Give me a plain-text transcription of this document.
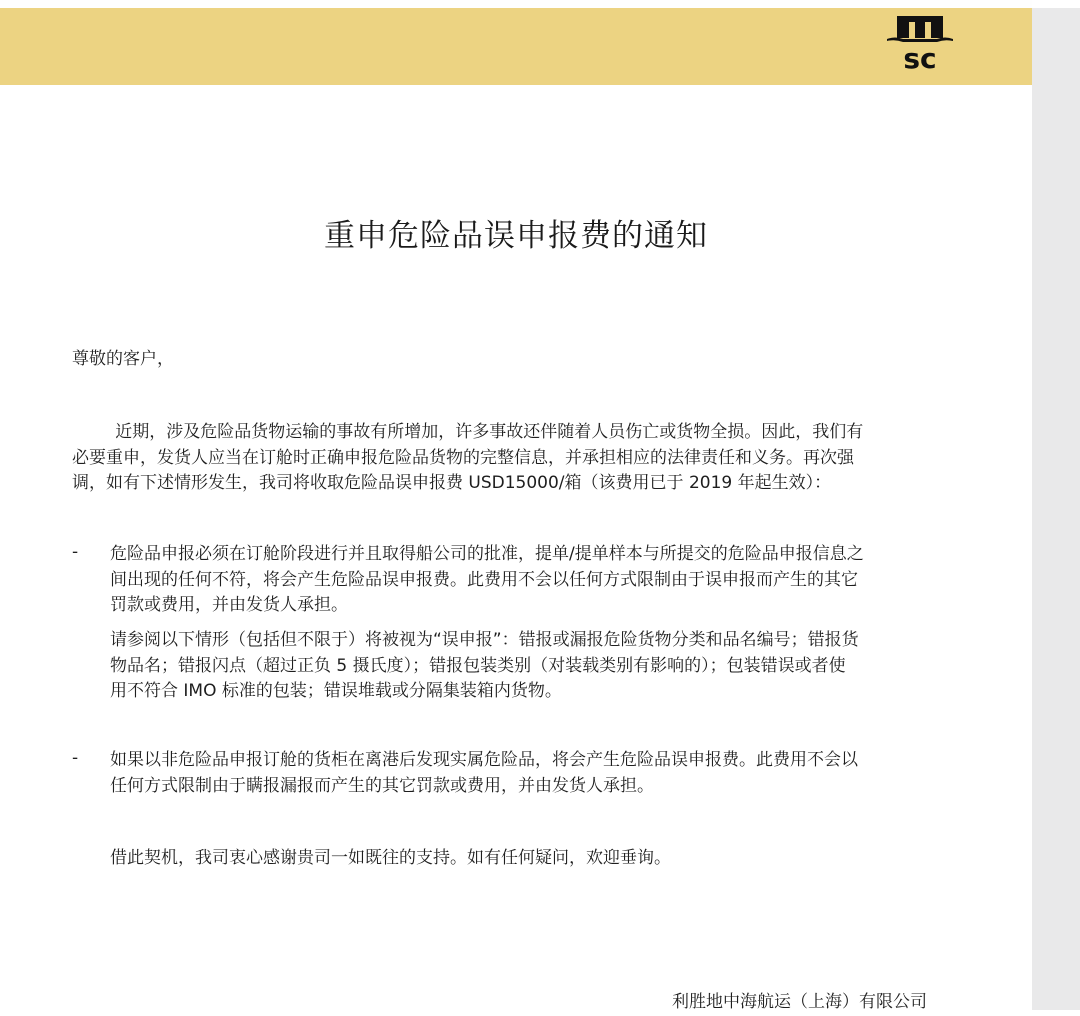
sc
重申危险品误申报费的通知
尊敬的客户，
近期，涉及危险品货物运输的事故有所增加，许多事故还伴随着人员伤亡或货物全损。因此，我们有
必要重申，发货人应当在订舱时正确申报危险品货物的完整信息，并承担相应的法律责任和义务。再次强
调，如有下述情形发生，我司将收取危险品误申报费 USD15000/箱（该费用已于 2019 年起生效）：
- 危险品申报必须在订舱阶段进行并且取得船公司的批准，提单/提单样本与所提交的危险品申报信息之
间出现的任何不符，将会产生危险品误申报费。此费用不会以任何方式限制由于误申报而产生的其它
罚款或费用，并由发货人承担。
请参阅以下情形（包括但不限于）将被视为“误申报”：错报或漏报危险货物分类和品名编号；错报货
物品名；错报闪点（超过正负 5 摄氏度）；错报包装类别（对装载类别有影响的）；包装错误或者使
用不符合 IMO 标准的包装；错误堆载或分隔集装箱内货物。
- 如果以非危险品申报订舱的货柜在离港后发现实属危险品，将会产生危险品误申报费。此费用不会以
任何方式限制由于瞒报漏报而产生的其它罚款或费用，并由发货人承担。
借此契机，我司衷心感谢贵司一如既往的支持。如有任何疑问，欢迎垂询。
利胜地中海航运（上海）有限公司
